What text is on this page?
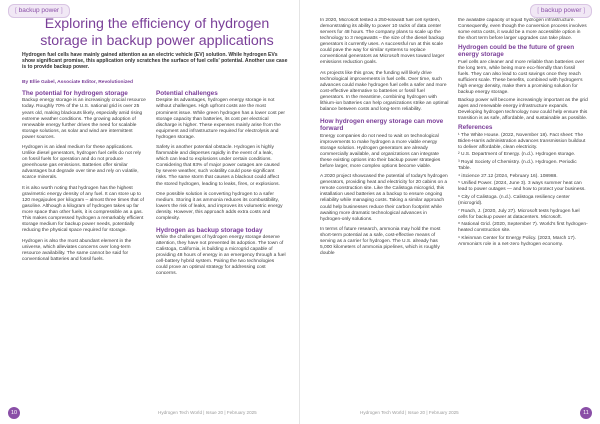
[ backup power ]
Exploring the efficiency of hydrogen storage in backup power applications

Hydrogen fuel cells have mainly gained attention as an electric vehicle (EV) solution. While hydrogen EVs show significant promise, this application only scratches the surface of fuel cells' potential. Another use case is to provide backup power.

By Ellie Gabel, Associate Editor, Revolutionized
The potential for hydrogen storage

Backup energy storage is an increasingly crucial resource today. Roughly 70% of the U.S. national grid is over 25 years old, making blackouts likely, especially amid rising extreme weather conditions. The growing adoption of renewable energy further drives the need for scalable storage solutions, as solar and wind are intermittent power sources.

Hydrogen is an ideal medium for these applications. Unlike diesel generators, hydrogen fuel cells do not rely on fossil fuels for operation and do not produce greenhouse gas emissions. Batteries offer similar advantages but degrade over time and rely on volatile, scarce minerals.

It is also worth noting that hydrogen has the highest gravimetric energy density of any fuel. It can store up to 120 megajoules per kilogram – almost three times that of gasoline. Although a kilogram of hydrogen takes up far more space than other fuels, it is compressible as a gas. This makes compressed hydrogen a remarkably efficient storage medium for backup power needs, potentially reducing the physical space required for storage.

Hydrogen is also the most abundant element in the universe, which alleviates concerns over long-term resource availability. The same cannot be said for conventional batteries and fossil fuels.

Potential challenges

Despite its advantages, hydrogen energy storage is not without challenges. High upfront costs are the most prominent issue. While green hydrogen has a lower cost per storage capacity than batteries, its cost per electrical discharge is higher. These expenses mainly arise from the equipment and infrastructure required for electrolysis and hydrogen storage.

Safety is another potential obstacle. Hydrogen is highly flammable and disperses rapidly in the event of a leak, which can lead to explosions under certain conditions. Considering that 83% of major power outages are caused by severe weather, such volatility could pose significant risks. The same storm that causes a blackout could affect the stored hydrogen, leading to leaks, fires, or explosions.

One possible solution is converting hydrogen to a safer medium. Storing it as ammonia reduces its combustibility, lowers the risk of leaks, and improves its volumetric energy density. However, this approach adds extra costs and complexity.

Hydrogen as backup storage today

While the challenges of hydrogen energy storage deserve attention, they have not prevented its adoption. The town of Calistoga, California, is building a microgrid capable of providing 48 hours of energy in an emergency through a fuel cell-battery hybrid system. Pairing the two technologies could prove an optimal strategy for addressing cost concerns.

10	Hydrogen Tech World | Issue 20 | February 2025
[ backup power ]

In 2020, Microsoft tested a 250-kilowatt fuel cell system, demonstrating its ability to power 10 racks of data center servers for 48 hours. The company plans to scale up the technology to 3 megawatts – the size of the diesel backup generators it currently uses. A successful run at this scale could pave the way for similar systems to replace conventional generators as Microsoft moves toward larger emissions reduction goals.

As projects like this grow, the funding will likely drive technological improvements in fuel cells. Over time, such advances could make hydrogen fuel cells a safer and more cost-effective alternative to batteries or fossil fuel generators. In the meantime, combining hydrogen with lithium-ion batteries can help organizations strike an optimal balance between costs and long-term reliability.

How hydrogen energy storage can move forward

Energy companies do not need to wait on technological improvements to make hydrogen a more viable energy storage solution. Hydrogen generators are already commercially available, and organizations can integrate these existing options into their backup power strategies before larger, more complex options become viable.

A 2020 project showcased the potential of today's hydrogen generators, providing heat and electricity for 20 cabins on a remote construction site. Like the Calistoga microgrid, this installation used batteries as a backup to ensure ongoing reliability while managing costs. Taking a similar approach could help businesses reduce their carbon footprint while awaiting more dramatic technological advances in hydrogen-only solutions.

In terms of future research, ammonia may hold the most short-term potential as a safe, cost-effective means of serving as a carrier for hydrogen. The U.S. already has 5,000 kilometers of ammonia pipelines, which is roughly double

the available capacity of liquid hydrogen infrastructure. Consequently, even though the conversion process involves some extra costs, it would be a more accessible option in the short term before larger upgrades can take place.

Hydrogen could be the future of green energy storage

Fuel cells are cleaner and more reliable than batteries over the long term, while being more eco-friendly than fossil fuels. They can also lead to cost savings once they reach sufficient scale. These benefits, combined with hydrogen's high energy density, make them a promising solution for backup energy storage.

Backup power will become increasingly important as the grid ages and renewable energy infrastructure expands. Developing hydrogen technology now could help ensure this transition is as safe, affordable, and sustainable as possible.

References

¹ The White House. (2022, November 18). Fact sheet: The Biden-Harris administration advances transmission buildout to deliver affordable, clean electricity.

² U.S. Department of Energy. (n.d.). Hydrogen storage.

³ Royal Society of Chemistry. (n.d.). Hydrogen. Periodic Table.

⁴ iScience 27.12 (2024, February 16). 108988.

⁵ Unified Power. (2024, June 3). 3 ways summer heat can lead to power outages — and how to protect your business.

⁶ City of Calistoga. (n.d.). Calistoga resiliency center (microgrid).

⁷ Roach, J. (2020, July 27). Microsoft tests hydrogen fuel cells for backup power at datacenters. Microsoft.

⁸ National Grid. (2020, September 7). World's first hydrogen-heated construction site.

⁹ Kleinman Center for Energy Policy. (2023, March 17). Ammonia's role in a net-zero hydrogen economy.

Hydrogen Tech World | Issue 20 | February 2025	11
